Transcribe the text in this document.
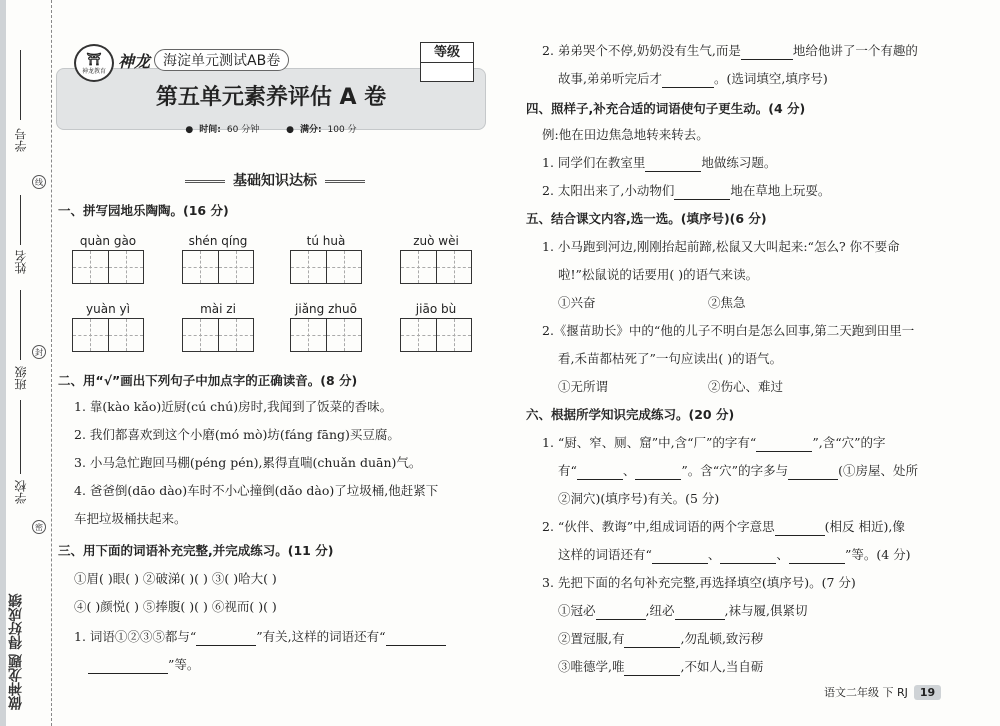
学号
姓名
班级
学校
线
封
密
做神龙题 得好成绩
⛩
神龙教育
神龙 海淀单元测试AB卷
等级
第五单元素养评估 A 卷
● 时间: 60 分钟	● 满分: 100 分
基础知识达标
一、拼写园地乐陶陶。(16 分)
quàn gào	shén qíng	tú huà	zuò wèi
yuàn yì	mài zi	jiǎng zhuō	jiāo bù
二、用“√”画出下列句子中加点字的正确读音。(8 分)
1. 靠(kào kǎo)近厨(cú chú)房时,我闻到了饭菜的香味。
2. 我们都喜欢到这个小磨(mó mò)坊(fáng fāng)买豆腐。
3. 小马急忙跑回马棚(péng pén),累得直喘(chuǎn duān)气。
4. 爸爸倒(dāo dào)车时不小心撞倒(dǎo dào)了垃圾桶,他赶紧下
车把垃圾桶扶起来。
三、用下面的词语补充完整,并完成练习。(11 分)
①眉( )眼( ) ②破涕( )( ) ③( )哈大( )
④( )颜悦( ) ⑤捧腹( )( ) ⑥视而( )( )
1. 词语①②③⑤都与“	”有关,这样的词语还有“
”等。
2. 弟弟哭个不停,奶奶没有生气,而是	地给他讲了一个有趣的
故事,弟弟听完后才	。(选词填空,填序号)
四、照样子,补充合适的词语使句子更生动。(4 分)
例:他在田边焦急地转来转去。
1. 同学们在教室里	地做练习题。
2. 太阳出来了,小动物们	地在草地上玩耍。
五、结合课文内容,选一选。(填序号)(6 分)
1. 小马跑到河边,刚刚抬起前蹄,松鼠又大叫起来:“怎么? 你不要命
啦!”松鼠说的话要用( )的语气来读。
①兴奋	②焦急
2.《揠苗助长》中的“他的儿子不明白是怎么回事,第二天跑到田里一
看,禾苗都枯死了”一句应读出( )的语气。
①无所谓	②伤心、难过
六、根据所学知识完成练习。(20 分)
1. “厨、窄、厕、窟”中,含“厂”的字有“	”,含“穴”的字
有“	、	”。含“穴”的字多与	(①房屋、处所
②洞穴)(填序号)有关。(5 分)
2. “伙伴、教诲”中,组成词语的两个字意思	(相反 相近),像
这样的词语还有“	、	、	”等。(4 分)
3. 先把下面的名句补充完整,再选择填空(填序号)。(7 分)
①冠必	,纽必	,袜与履,俱紧切
②置冠服,有	,勿乱顿,致污秽
③唯德学,唯	,不如人,当自砺
语文二年级 下 RJ	19
